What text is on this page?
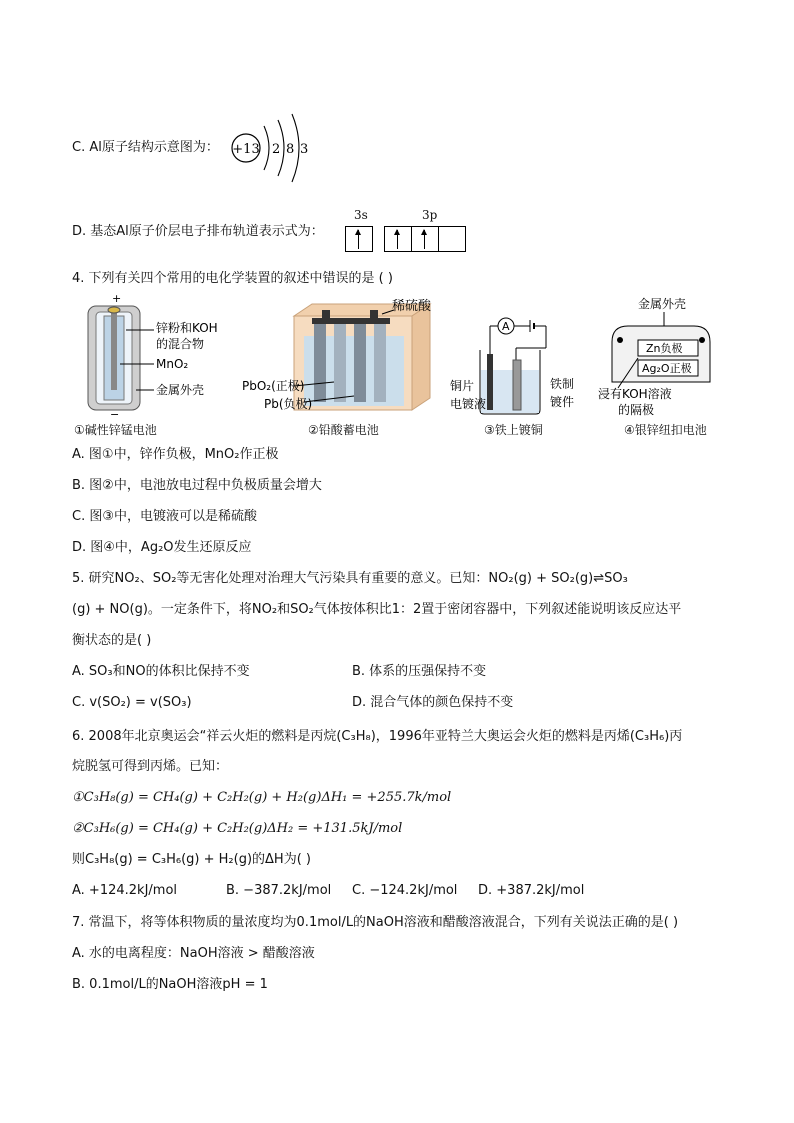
C. Al原子结构示意图为： +13 2 8 3
D. 基态Al原子价层电子排布轨道表示式为：
3s	3p
4. 下列有关四个常用的电化学装置的叙述中错误的是 ( )
+
−
锌粉和KOH
的混合物
MnO₂
金属外壳
①碱性锌锰电池
稀硫酸
PbO₂(正极)
Pb(负极)
②铅酸蓄电池
A
铜片
电镀液
铁制
镀件
③铁上镀铜
金属外壳
Zn负极
Ag₂O正极
浸有KOH溶液
的隔极
④银锌纽扣电池
A. 图①中，锌作负极，MnO₂作正极
B. 图②中，电池放电过程中负极质量会增大
C. 图③中，电镀液可以是稀硫酸
D. 图④中，Ag₂O发生还原反应
5. 研究NO₂、SO₂等无害化处理对治理大气污染具有重要的意义。已知：NO₂(g) + SO₂(g)⇌SO₃
(g) + NO(g)。一定条件下，将NO₂和SO₂气体按体积比1：2置于密闭容器中，下列叙述能说明该反应达平
衡状态的是( )
A. SO₃和NO的体积比保持不变	B. 体系的压强保持不变
C. v(SO₂) = v(SO₃)	D. 混合气体的颜色保持不变
6. 2008年北京奥运会“祥云火炬的燃料是丙烷(C₃H₈)，1996年亚特兰大奥运会火炬的燃料是丙烯(C₃H₆)丙
烷脱氢可得到丙烯。已知：
①C₃H₈(g) = CH₄(g) + C₂H₂(g) + H₂(g)ΔH₁ = +255.7k/mol
②C₃H₆(g) = CH₄(g) + C₂H₂(g)ΔH₂ = +131.5kJ/mol
则C₃H₈(g) = C₃H₆(g) + H₂(g)的ΔH为( )
A. +124.2kJ/mol	B. −387.2kJ/mol C. −124.2kJ/mol D. +387.2kJ/mol
7. 常温下，将等体积物质的量浓度均为0.1mol/L的NaOH溶液和醋酸溶液混合，下列有关说法正确的是( )
A. 水的电离程度：NaOH溶液 > 醋酸溶液
B. 0.1mol/L的NaOH溶液pH = 1
